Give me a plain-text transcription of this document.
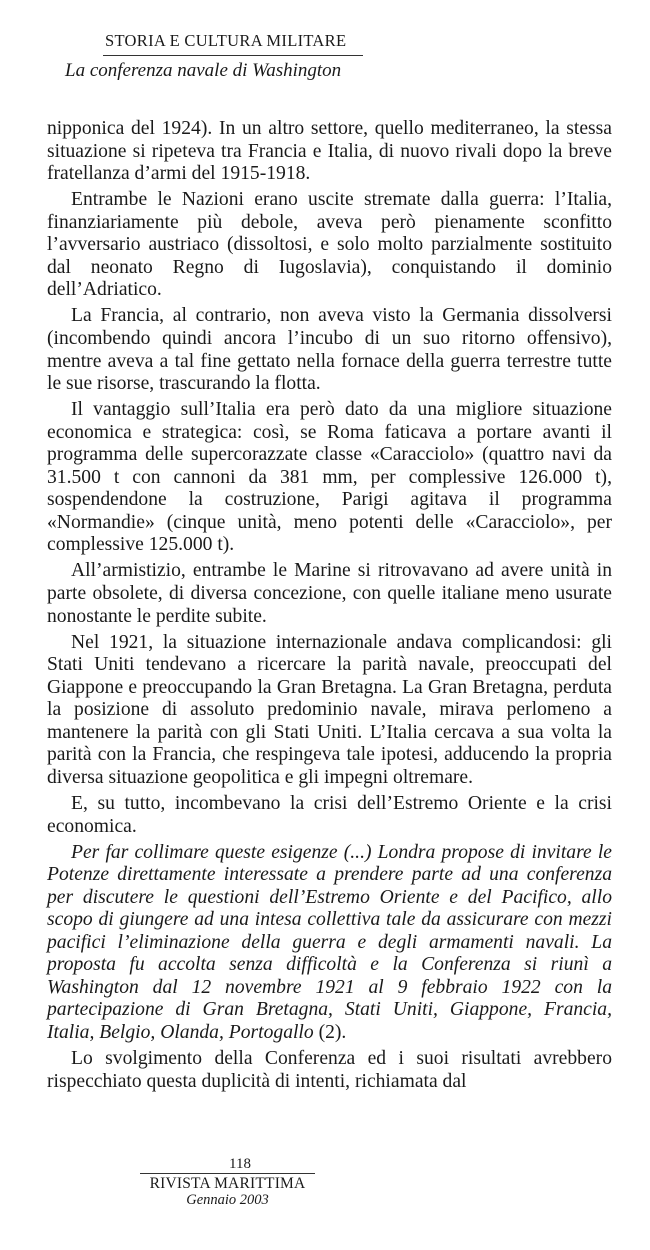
STORIA E CULTURA MILITARE
La conferenza navale di Washington

nipponica del 1924). In un altro settore, quello mediterraneo, la stessa situazione si ripeteva tra Francia e Italia, di nuovo rivali dopo la breve fratellanza d’armi del 1915-1918.

Entrambe le Nazioni erano uscite stremate dalla guerra: l’Italia, finanziariamente più debole, aveva però pienamente sconfitto l’avversario austriaco (dissoltosi, e solo molto parzialmente sostituito dal neonato Regno di Iugoslavia), conquistando il dominio dell’Adriatico.

La Francia, al contrario, non aveva visto la Germania dissolversi (incombendo quindi ancora l’incubo di un suo ritorno offensivo), mentre aveva a tal fine gettato nella fornace della guerra terrestre tutte le sue risorse, trascurando la flotta.

Il vantaggio sull’Italia era però dato da una migliore situazione economica e strategica: così, se Roma faticava a portare avanti il programma delle supercorazzate classe «Caracciolo» (quattro navi da 31.500 t con cannoni da 381 mm, per complessive 126.000 t), sospendendone la costruzione, Parigi agitava il programma «Normandie» (cinque unità, meno potenti delle «Caracciolo», per complessive 125.000 t).

All’armistizio, entrambe le Marine si ritrovavano ad avere unità in parte obsolete, di diversa concezione, con quelle italiane meno usurate nonostante le perdite subite.

Nel 1921, la situazione internazionale andava complicandosi: gli Stati Uniti tendevano a ricercare la parità navale, preoccupati del Giappone e preoccupando la Gran Bretagna. La Gran Bretagna, perduta la posizione di assoluto predominio navale, mirava perlomeno a mantenere la parità con gli Stati Uniti. L’Italia cercava a sua volta la parità con la Francia, che respingeva tale ipotesi, adducendo la propria diversa situazione geopolitica e gli impegni oltremare.

E, su tutto, incombevano la crisi dell’Estremo Oriente e la crisi economica.

Per far collimare queste esigenze (...) Londra propose di invitare le Potenze direttamente interessate a prendere parte ad una conferenza per discutere le questioni dell’Estremo Oriente e del Pacifico, allo scopo di giungere ad una intesa collettiva tale da assicurare con mezzi pacifici l’eliminazione della guerra e degli armamenti navali. La proposta fu accolta senza difficoltà e la Conferenza si riunì a Washington dal 12 novembre 1921 al 9 febbraio 1922 con la partecipazione di Gran Bretagna, Stati Uniti, Giappone, Francia, Italia, Belgio, Olanda, Portogallo (2).

Lo svolgimento della Conferenza ed i suoi risultati avrebbero rispecchiato questa duplicità di intenti, richiamata dal

118
RIVISTA MARITTIMA
Gennaio 2003
